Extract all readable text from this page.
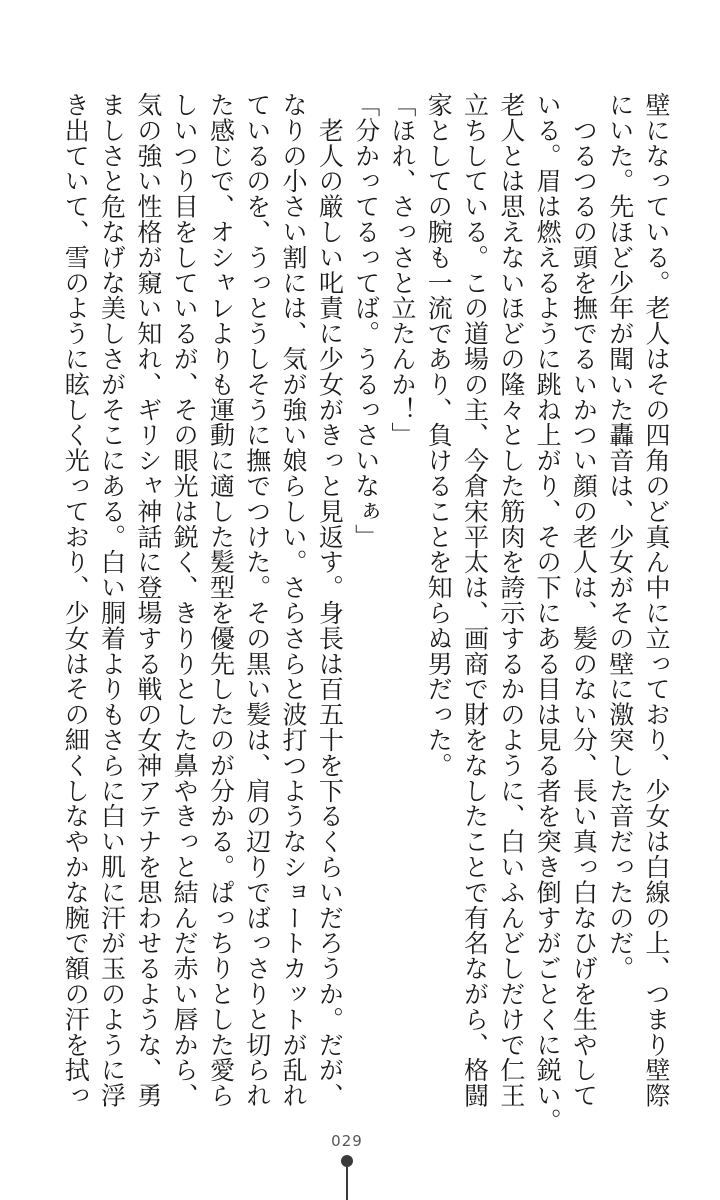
壁になっている。老人はその四角のど真ん中に立っており、少女は白線の上、つまり壁際
にいた。先ほど少年が聞いた轟音は、少女がその壁に激突した音だったのだ。
　つるつるの頭を撫でるいかつい顔の老人は、髪のない分、長い真っ白なひげを生やして
いる。眉は燃えるように跳ね上がり、その下にある目は見る者を突き倒すがごとくに鋭い。
老人とは思えないほどの隆々とした筋肉を誇示するかのように、白いふんどしだけで仁王
立ちしている。この道場の主、今倉宋平太は、画商で財をなしたことで有名ながら、格闘
家としての腕も一流であり、負けることを知らぬ男だった。
「ほれ、さっさと立たんか！」
「分かってるってば。うるっさいなぁ」
　老人の厳しい叱責に少女がきっと見返す。身長は百五十を下るくらいだろうか。だが、
なりの小さい割には、気が強い娘らしい。さらさらと波打つようなショートカットが乱れ
ているのを、うっとうしそうに撫でつけた。その黒い髪は、肩の辺りでばっさりと切られ
た感じで、オシャレよりも運動に適した髪型を優先したのが分かる。ぱっちりとした愛ら
しいつり目をしているが、その眼光は鋭く、きりりとした鼻やきっと結んだ赤い唇から、
気の強い性格が窺い知れ、ギリシャ神話に登場する戦の女神アテナを思わせるような、勇
ましさと危なげな美しさがそこにある。白い胴着よりもさらに白い肌に汗が玉のように浮
き出ていて、雪のように眩しく光っており、少女はその細くしなやかな腕で額の汗を拭っ
029
